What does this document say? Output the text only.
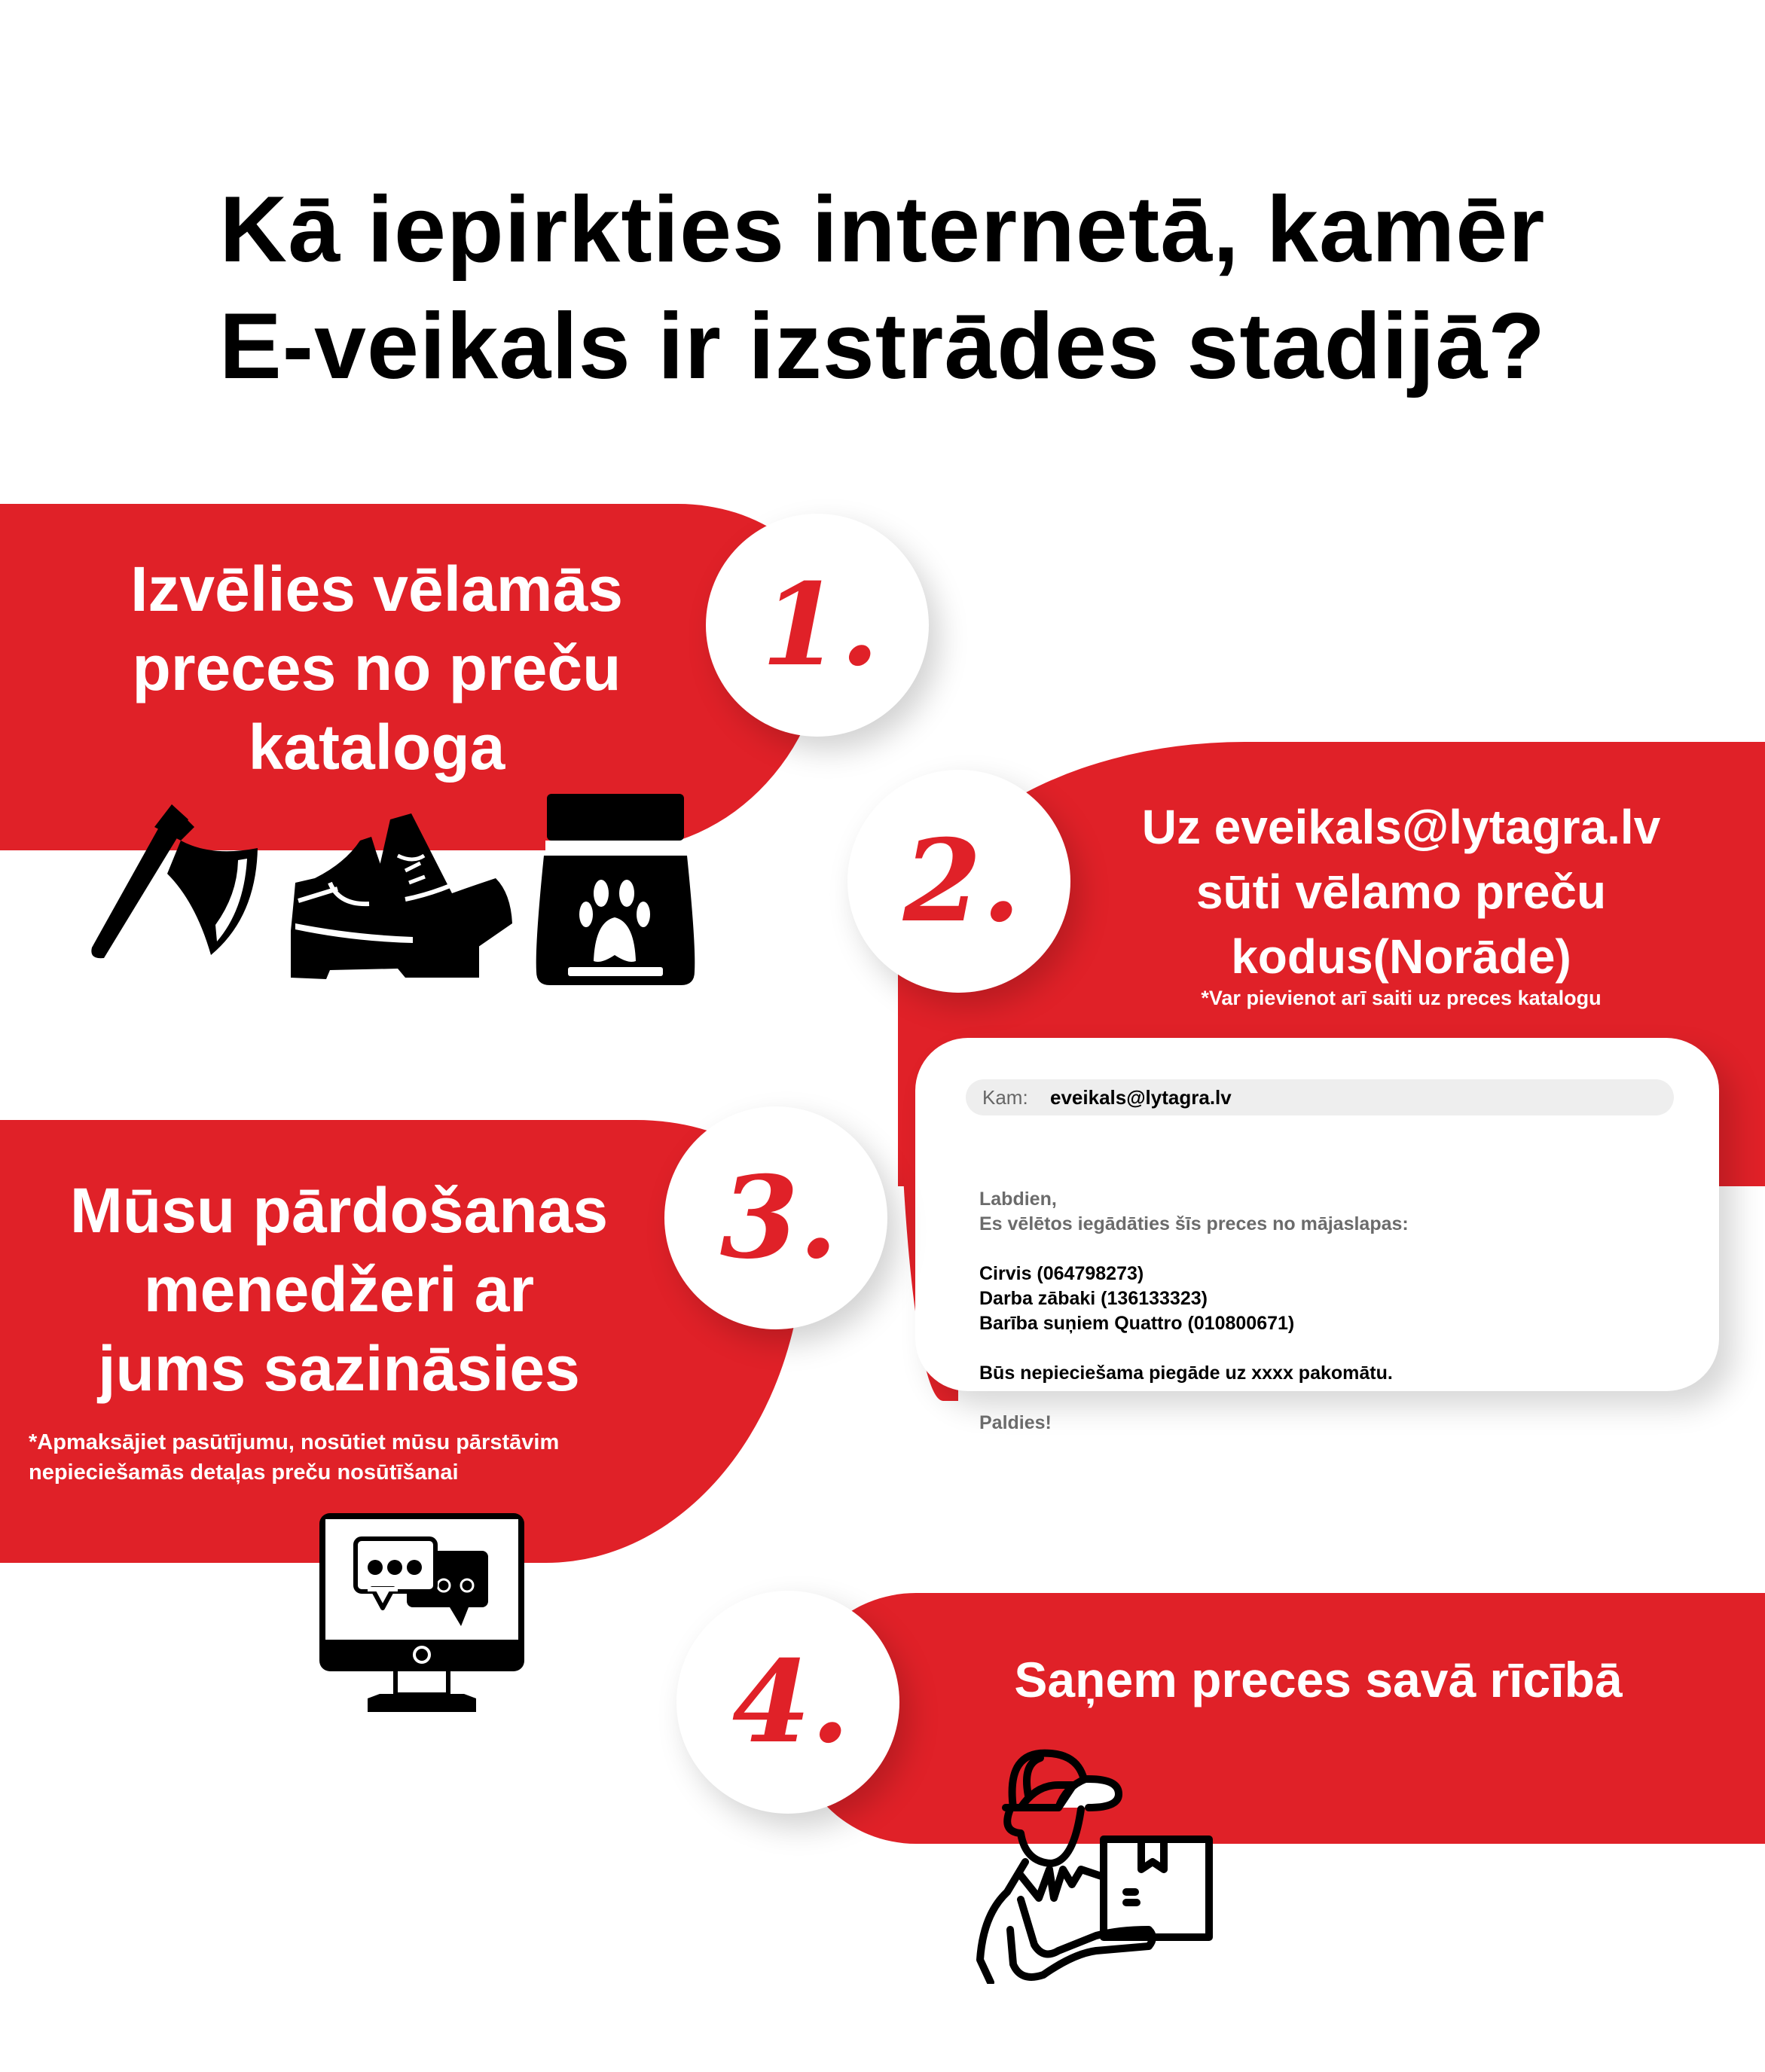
Kā iepirkties internetā, kamēr
E-veikals ir izstrādes stadijā?
Izvēlies vēlamās
preces no preču
kataloga
Uz eveikals@lytagra.lv
sūti vēlamo preču
kodus(Norāde)
*Var pievienot arī saiti uz preces katalogu
Kam:	eveikals@lytagra.lv
Labdien,
Es vēlētos iegādāties šīs preces no mājaslapas:
Cirvis (064798273)
Darba zābaki (136133323)
Barība suņiem Quattro (010800671)
Būs nepieciešama piegāde uz xxxx pakomātu.
Paldies!
Mūsu pārdošanas
menedžeri ar
jums sazināsies
*Apmaksājiet pasūtījumu, nosūtiet mūsu pārstāvim
nepieciešamās detaļas preču nosūtīšanai
Saņem preces savā rīcībā
1.
2.
3.
4.
